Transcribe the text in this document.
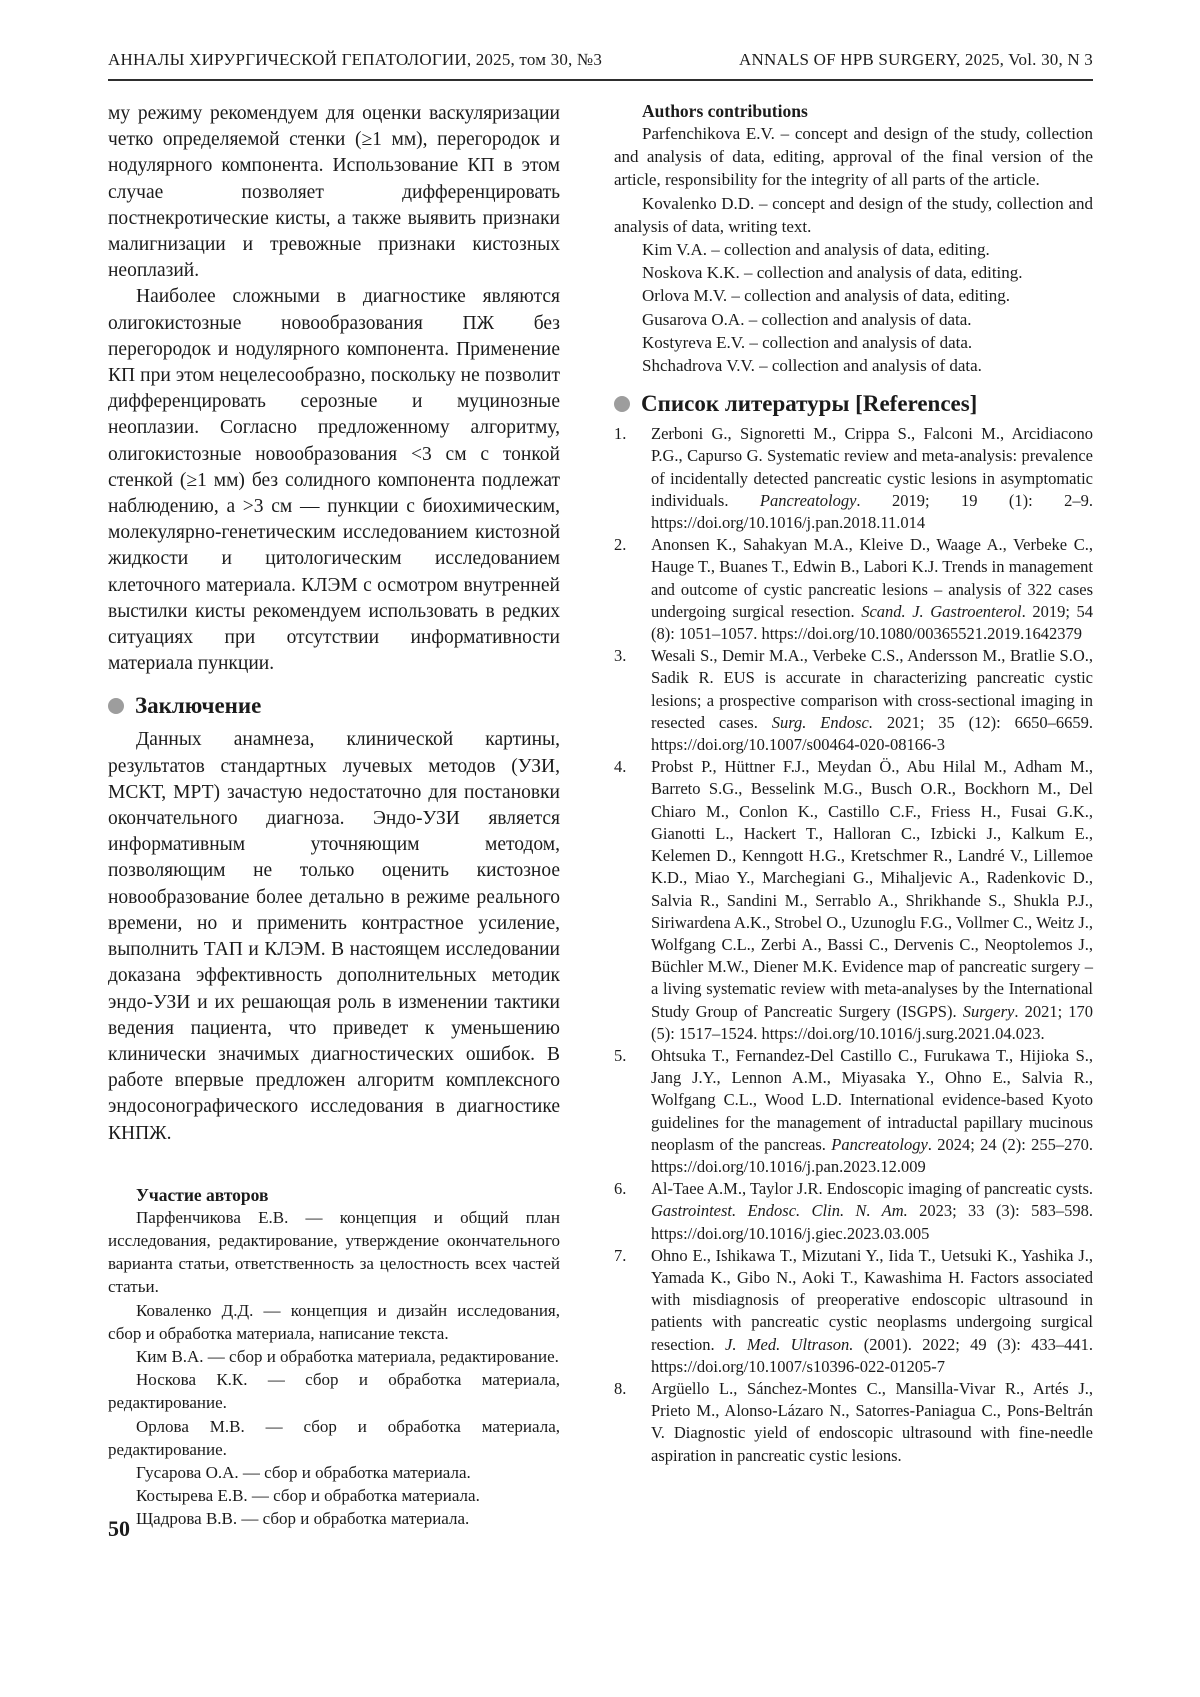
АННАЛЫ ХИРУРГИЧЕСКОЙ ГЕПАТОЛОГИИ, 2025, том 30, №3	ANNALS OF HPB SURGERY, 2025, Vol. 30, N 3

му режиму рекомендуем для оценки васкуляризации четко определяемой стенки (≥1 мм), перегородок и нодулярного компонента. Использование КП в этом случае позволяет дифференцировать постнекротические кисты, а также выявить признаки малигнизации и тревожные признаки кистозных неоплазий.

Наиболее сложными в диагностике являются олигокистозные новообразования ПЖ без перегородок и нодулярного компонента. Применение КП при этом нецелесообразно, поскольку не позволит дифференцировать серозные и муцинозные неоплазии. Согласно предложенному алгоритму, олигокистозные новообразования <3 см с тонкой стенкой (≥1 мм) без солидного компонента подлежат наблюдению, а >3 см — пункции с биохимическим, молекулярно-генетическим исследованием кистозной жидкости и цитологическим исследованием клеточного материала. КЛЭМ с осмотром внутренней выстилки кисты рекомендуем использовать в редких ситуациях при отсутствии информативности материала пункции.

Заключение

Данных анамнеза, клинической картины, результатов стандартных лучевых методов (УЗИ, МСКТ, МРТ) зачастую недостаточно для постановки окончательного диагноза. Эндо-УЗИ является информативным уточняющим методом, позволяющим не только оценить кистозное новообразование более детально в режиме реального времени, но и применить контрастное усиление, выполнить ТАП и КЛЭМ. В настоящем исследовании доказана эффективность дополнительных методик эндо-УЗИ и их решающая роль в изменении тактики ведения пациента, что приведет к уменьшению клинически значимых диагностических ошибок. В работе впервые предложен алгоритм комплексного эндосонографического исследования в диагностике КНПЖ.

Участие авторов

Парфенчикова Е.В. — концепция и общий план исследования, редактирование, утверждение окончательного варианта статьи, ответственность за целостность всех частей статьи.

Коваленко Д.Д. — концепция и дизайн исследования, сбор и обработка материала, написание текста.

Ким В.А. — сбор и обработка материала, редактирование.

Носкова К.К. — сбор и обработка материала, редактирование.

Орлова М.В. — сбор и обработка материала, редактирование.

Гусарова О.А. — сбор и обработка материала.

Костырева Е.В. — сбор и обработка материала.

Щадрова В.В. — сбор и обработка материала.

Authors contributions

Parfenchikova E.V. – concept and design of the study, collection and analysis of data, editing, approval of the final version of the article, responsibility for the integrity of all parts of the article.

Kovalenko D.D. – concept and design of the study, collection and analysis of data, writing text.

Kim V.A. – collection and analysis of data, editing.

Noskova K.K. – collection and analysis of data, editing.

Orlova M.V. – collection and analysis of data, editing.

Gusarova O.A. – collection and analysis of data.

Kostyreva E.V. – collection and analysis of data.

Shchadrova V.V. – collection and analysis of data.

Список литературы [References]
1.	Zerboni G., Signoretti M., Crippa S., Falconi M., Arcidiacono P.G., Capurso G. Systematic review and meta-analysis: prevalence of incidentally detected pancreatic cystic lesions in asymptomatic individuals. Pancreatology. 2019; 19 (1): 2–9. https://doi.org/10.1016/j.pan.2018.11.014
2.	Anonsen K., Sahakyan M.A., Kleive D., Waage A., Verbeke C., Hauge T., Buanes T., Edwin B., Labori K.J. Trends in management and outcome of cystic pancreatic lesions – analysis of 322 cases undergoing surgical resection. Scand. J. Gastroenterol. 2019; 54 (8): 1051–1057. https://doi.org/10.1080/00365521.2019.1642379
3.	Wesali S., Demir M.A., Verbeke C.S., Andersson M., Bratlie S.O., Sadik R. EUS is accurate in characterizing pancreatic cystic lesions; a prospective comparison with cross-sectional imaging in resected cases. Surg. Endosc. 2021; 35 (12): 6650–6659. https://doi.org/10.1007/s00464-020-08166-3
4.	Probst P., Hüttner F.J., Meydan Ö., Abu Hilal M., Adham M., Barreto S.G., Besselink M.G., Busch O.R., Bockhorn M., Del Chiaro M., Conlon K., Castillo C.F., Friess H., Fusai G.K., Gianotti L., Hackert T., Halloran C., Izbicki J., Kalkum E., Kelemen D., Kenngott H.G., Kretschmer R., Landré V., Lillemoe K.D., Miao Y., Marchegiani G., Mihaljevic A., Radenkovic D., Salvia R., Sandini M., Serrablo A., Shrikhande S., Shukla P.J., Siriwardena A.K., Strobel O., Uzunoglu F.G., Vollmer C., Weitz J., Wolfgang C.L., Zerbi A., Bassi C., Dervenis C., Neoptolemos J., Büchler M.W., Diener M.K. Evidence map of pancreatic surgery – a living systematic review with meta-analyses by the International Study Group of Pancreatic Surgery (ISGPS). Surgery. 2021; 170 (5): 1517–1524. https://doi.org/10.1016/j.surg.2021.04.023.
5.	Ohtsuka T., Fernandez-Del Castillo C., Furukawa T., Hijioka S., Jang J.Y., Lennon A.M., Miyasaka Y., Ohno E., Salvia R., Wolfgang C.L., Wood L.D. International evidence-based Kyoto guidelines for the management of intraductal papillary mucinous neoplasm of the pancreas. Pancreatology. 2024; 24 (2): 255–270. https://doi.org/10.1016/j.pan.2023.12.009
6.	Al-Taee A.M., Taylor J.R. Endoscopic imaging of pancreatic cysts. Gastrointest. Endosc. Clin. N. Am. 2023; 33 (3): 583–598. https://doi.org/10.1016/j.giec.2023.03.005
7.	Ohno E., Ishikawa T., Mizutani Y., Iida T., Uetsuki K., Yashika J., Yamada K., Gibo N., Aoki T., Kawashima H. Factors associated with misdiagnosis of preoperative endoscopic ultrasound in patients with pancreatic cystic neoplasms undergoing surgical resection. J. Med. Ultrason. (2001). 2022; 49 (3): 433–441. https://doi.org/10.1007/s10396-022-01205-7
8.	Argüello L., Sánchez-Montes C., Mansilla-Vivar R., Artés J., Prieto M., Alonso-Lázaro N., Satorres-Paniagua C., Pons-Beltrán V. Diagnostic yield of endoscopic ultrasound with fine-needle aspiration in pancreatic cystic lesions.
50
